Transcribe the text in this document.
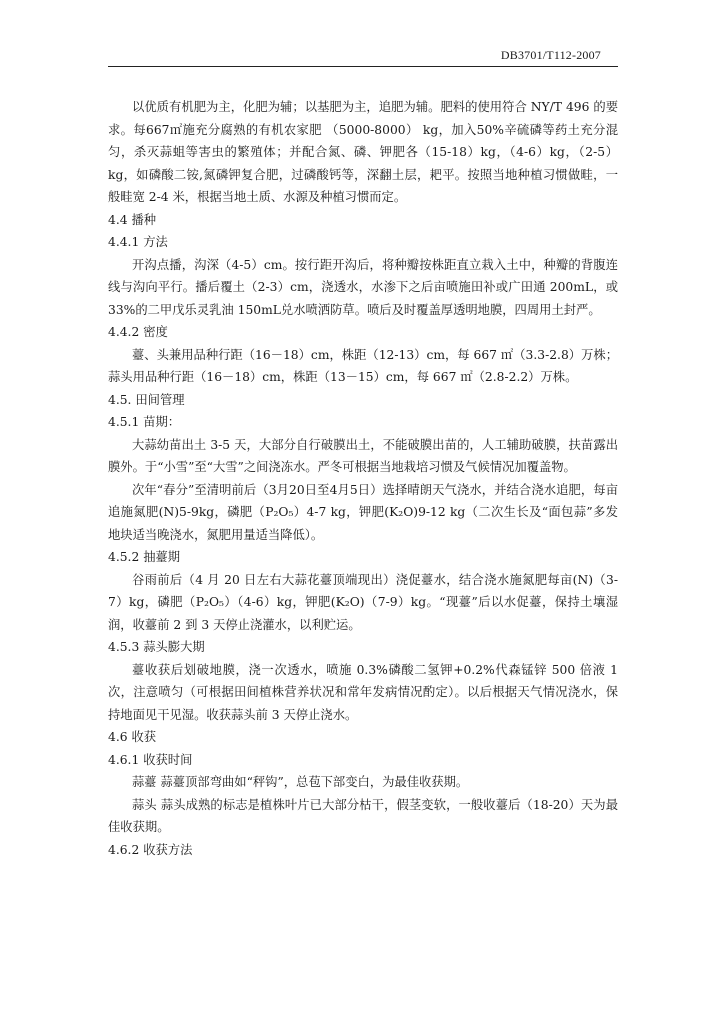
DB3701/T112-2007

以优质有机肥为主，化肥为辅；以基肥为主，追肥为辅。肥料的使用符合 NY/T 496 的要求。每667㎡施充分腐熟的有机农家肥 （5000-8000） kg，加入50%辛硫磷等药土充分混匀，杀灭蒜蛆等害虫的繁殖体；并配合氮、磷、钾肥各（15-18）kg，（4-6）kg，（2-5）kg，如磷酸二铵,氮磷钾复合肥，过磷酸钙等，深翻土层，耙平。按照当地种植习惯做畦，一般畦宽 2-4 米，根据当地土质、水源及种植习惯而定。

4.4 播种

4.4.1 方法

开沟点播，沟深（4-5）cm。按行距开沟后，将种瓣按株距直立栽入土中，种瓣的背腹连线与沟向平行。播后覆土（2-3）cm，浇透水，水渗下之后亩喷施田补或广田通 200mL，或 33%的二甲戊乐灵乳油 150mL兑水喷洒防草。喷后及时覆盖厚透明地膜，四周用土封严。

4.4.2 密度

薹、头兼用品种行距（16－18）cm，株距（12-13）cm，每 667 ㎡（3.3-2.8）万株；蒜头用品种行距（16－18）cm，株距（13－15）cm，每 667 ㎡（2.8-2.2）万株。

4.5. 田间管理

4.5.1 苗期：

大蒜幼苗出土 3-5 天，大部分自行破膜出土，不能破膜出苗的，人工辅助破膜，扶苗露出膜外。于“小雪”至“大雪”之间浇冻水。严冬可根据当地栽培习惯及气候情况加覆盖物。

次年“春分”至清明前后（3月20日至4月5日）选择晴朗天气浇水，并结合浇水追肥，每亩追施氮肥(N)5-9kg，磷肥（P₂O₅）4-7 kg，钾肥(K₂O)9-12 kg（二次生长及“面包蒜”多发地块适当晚浇水，氮肥用量适当降低）。

4.5.2 抽薹期

谷雨前后（4 月 20 日左右大蒜花薹顶端现出）浇促薹水，结合浇水施氮肥每亩(N)（3-7）kg，磷肥（P₂O₅）（4-6）kg，钾肥(K₂O)（7-9）kg。“现薹”后以水促薹，保持土壤湿润，收薹前 2 到 3 天停止浇灌水，以利贮运。

4.5.3 蒜头膨大期

薹收获后划破地膜，浇一次透水，喷施 0.3%磷酸二氢钾+0.2%代森锰锌 500 倍液 1 次，注意喷匀（可根据田间植株营养状况和常年发病情况酌定）。以后根据天气情况浇水，保持地面见干见湿。收获蒜头前 3 天停止浇水。

4.6 收获

4.6.1 收获时间

蒜薹 蒜薹顶部弯曲如“秤钩”，总苞下部变白，为最佳收获期。

蒜头 蒜头成熟的标志是植株叶片已大部分枯干，假茎变软，一般收薹后（18-20）天为最佳收获期。

4.6.2 收获方法
